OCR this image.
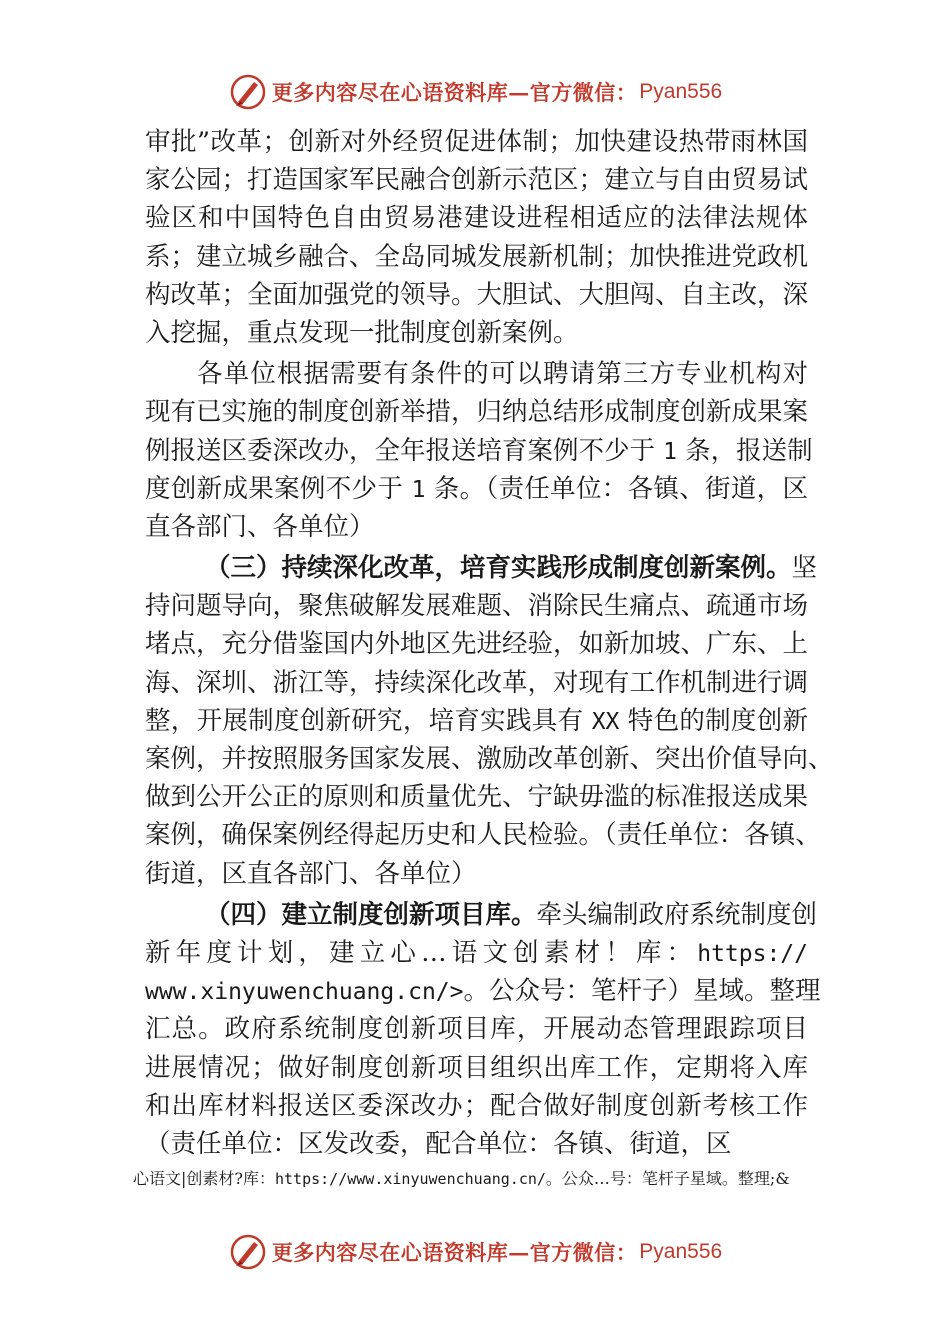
更多内容尽在心语资料库—官方微信： Pyan556
审批”改革；创新对外经贸促进体制；加快建设热带雨林国
家公园；打造国家军民融合创新示范区；建立与自由贸易试
验区和中国特色自由贸易港建设进程相适应的法律法规体
系；建立城乡融合、全岛同城发展新机制；加快推进党政机
构改革；全面加强党的领导。大胆试、大胆闯、自主改，深
入挖掘，重点发现一批制度创新案例。
各单位根据需要有条件的可以聘请第三方专业机构对
现有已实施的制度创新举措，归纳总结形成制度创新成果案
例报送区委深改办，全年报送培育案例不少于 1 条，报送制
度创新成果案例不少于 1 条。（责任单位：各镇、街道，区
直各部门、各单位）
（三）持续深化改革，培育实践形成制度创新案例。坚
持问题导向，聚焦破解发展难题、消除民生痛点、疏通市场
堵点，充分借鉴国内外地区先进经验，如新加坡、广东、上
海、深圳、浙江等，持续深化改革，对现有工作机制进行调
整，开展制度创新研究，培育实践具有 XX 特色的制度创新
案例，并按照服务国家发展、激励改革创新、突出价值导向、
做到公开公正的原则和质量优先、宁缺毋滥的标准报送成果
案例，确保案例经得起历史和人民检验。（责任单位：各镇、
街道，区直各部门、各单位）
（四）建立制度创新项目库。牵头编制政府系统制度创
新年度计划，建立心…语文创素材！库：https://
www.xinyuwenchuang.cn/>。公众号：笔杆子）星域。整理
汇总。政府系统制度创新项目库，开展动态管理跟踪项目
进展情况；做好制度创新项目组织出库工作，定期将入库
和出库材料报送区委深改办；配合做好制度创新考核工作
（责任单位：区发改委，配合单位：各镇、街道，区
心语文|创素材?库：https://www.xinyuwenchuang.cn/。公众…号：笔杆子星域。整理;&
更多内容尽在心语资料库—官方微信： Pyan556
